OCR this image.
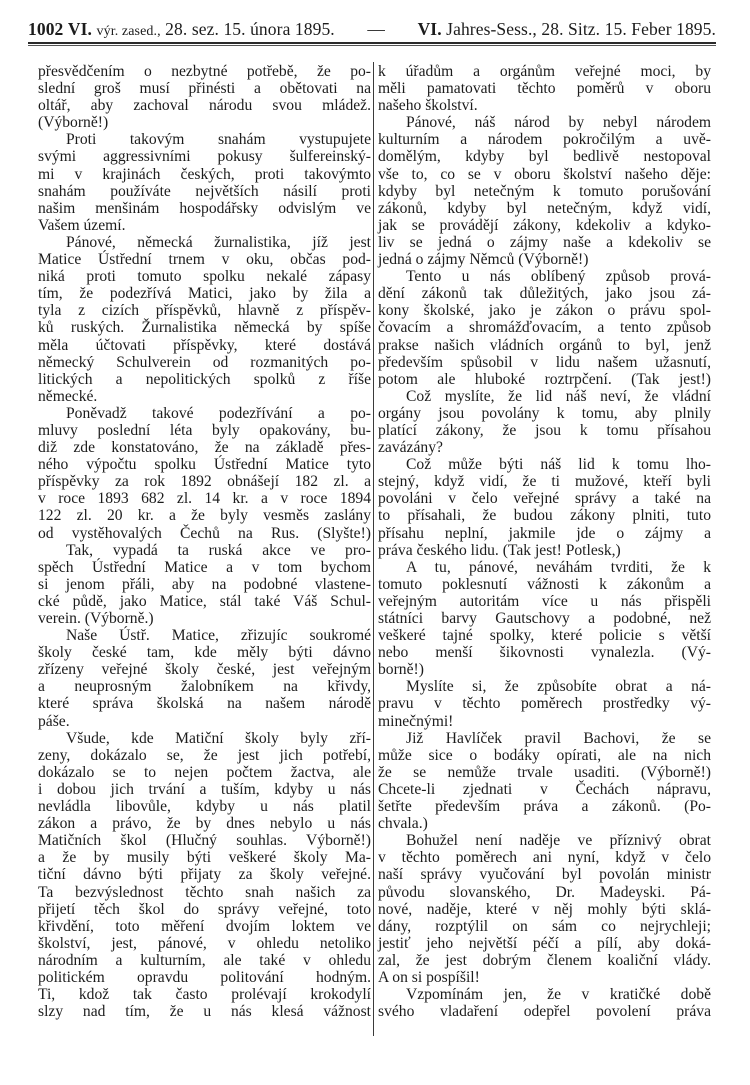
1002 VI. výr. zased., 28. sez. 15. února 1895. — VI. Jahres-Sess., 28. Sitz. 15. Feber 1895.
přesvědčením o nezbytné potřebě, že po-
slední groš musí přinésti a obětovati na
oltář, aby zachoval národu svou mládež.
(Výborně!)
Proti takovým snahám vystupujete
svými aggressivními pokusy šulfereinský-
mi v krajinách českých, proti takovýmto
snahám používáte největších násilí proti
našim menšinám hospodářsky odvislým ve
Vašem území.
Pánové, německá žurnalistika, jíž jest
Matice Ústřední trnem v oku, občas pod-
niká proti tomuto spolku nekalé zápasy
tím, že podezřívá Matici, jako by žila a
tyla z cizích příspěvků, hlavně z příspěv-
ků ruských. Žurnalistika německá by spíše
měla účtovati příspěvky, které dostává
německý Schulverein od rozmanitých po-
litických a nepolitických spolků z říše
německé.
Poněvadž takové podezřívání a po-
mluvy poslední léta byly opakovány, bu-
diž zde konstatováno, že na základě přes-
ného výpočtu spolku Ústřední Matice tyto
příspěvky za rok 1892 obnášejí 182 zl. a
v roce 1893 682 zl. 14 kr. a v roce 1894
122 zl. 20 kr. a že byly vesměs zaslány
od vystěhovalých Čechů na Rus. (Slyšte!)
Tak, vypadá ta ruská akce ve pro-
spěch Ústřední Matice a v tom bychom
si jenom přáli, aby na podobné vlastene-
cké půdě, jako Matice, stál také Váš Schul-
verein. (Výborně.)
Naše Ústř. Matice, zřizujíc soukromé
školy české tam, kde měly býti dávno
zřízeny veřejné školy české, jest veřejným
a neuprosným žalobníkem na křivdy,
které správa školská na našem národě
páše.
Všude, kde Matiční školy byly zří-
zeny, dokázalo se, že jest jich potřebí,
dokázalo se to nejen počtem žactva, ale
i dobou jich trvání a tuším, kdyby u nás
nevládla libovůle, kdyby u nás platil
zákon a právo, že by dnes nebylo u nás
Matičních škol (Hlučný souhlas. Výborně!)
a že by musily býti veškeré školy Ma-
tiční dávno býti přijaty za školy veřejné.
Ta bezvýslednost těchto snah našich za
přijetí těch škol do správy veřejné, toto
křivdění, toto měření dvojím loktem ve
školství, jest, pánové, v ohledu netoliko
národním a kulturním, ale také v ohledu
politickém opravdu politování hodným.
Ti, kdož tak často prolévají krokodylí
slzy nad tím, že u nás klesá vážnost
k úřadům a orgánům veřejné moci, by
měli pamatovati těchto poměrů v oboru
našeho školství.
Pánové, náš národ by nebyl národem
kulturním a národem pokročilým a uvě-
domělým, kdyby byl bedlivě nestopoval
vše to, co se v oboru školství našeho děje:
kdyby byl netečným k tomuto porušování
zákonů, kdyby byl netečným, když vidí,
jak se provádějí zákony, kdekoliv a kdyko-
liv se jedná o zájmy naše a kdekoliv se
jedná o zájmy Němců (Výborně!)
Tento u nás oblíbený způsob prová-
dění zákonů tak důležitých, jako jsou zá-
kony školské, jako je zákon o právu spol-
čovacím a shromážďovacím, a tento způsob
prakse našich vládních orgánů to byl, jenž
především spůsobil v lidu našem užasnutí,
potom ale hluboké roztrpčení. (Tak jest!)
Což myslíte, že lid náš neví, že vládní
orgány jsou povolány k tomu, aby plnily
platící zákony, že jsou k tomu přísahou
zavázány?
Což může býti náš lid k tomu lho-
stejný, když vidí, že ti mužové, kteří byli
povoláni v čelo veřejné správy a také na
to přísahali, že budou zákony plniti, tuto
přísahu neplní, jakmile jde o zájmy a
práva českého lidu. (Tak jest! Potlesk,)
A tu, pánové, neváhám tvrditi, že k
tomuto poklesnutí vážnosti k zákonům a
veřejným autoritám více u nás přispěli
státníci barvy Gautschovy a podobné, než
veškeré tajné spolky, které policie s větší
nebo menší šikovnosti vynalezla. (Vý-
borně!)
Myslíte si, že způsobíte obrat a ná-
pravu v těchto poměrech prostředky vý-
minečnými!
Již Havlíček pravil Bachovi, že se
může sice o bodáky opírati, ale na nich
že se nemůže trvale usaditi. (Výborně!)
Chcete-li zjednati v Čechách nápravu,
šetřte především práva a zákonů. (Po-
chvala.)
Bohužel není naděje ve příznivý obrat
v těchto poměrech ani nyní, když v čelo
naší správy vyučování byl povolán ministr
původu slovanského, Dr. Madeyski. Pá-
nové, naděje, které v něj mohly býti sklá-
dány, rozptýlil on sám co nejrychleji;
jestiť jeho největší péčí a pílí, aby doká-
zal, že jest dobrým členem koaliční vlády.
A on si pospíšil!
Vzpomínám jen, že v kratičké době
svého vladaření odepřel povolení práva
